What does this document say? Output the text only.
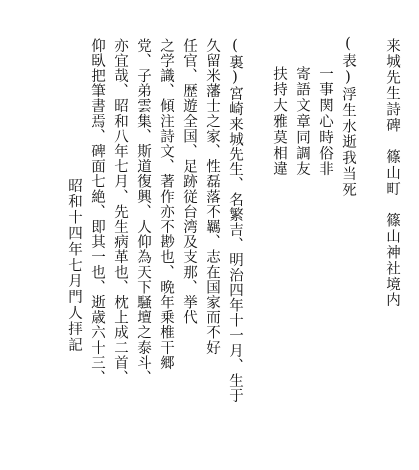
来城先生詩碑　篠山町　篠山神社境内
(表)浮生水逝我当死
一事関心時俗非
寄語文章同調友
扶持大雅莫相違
(裏)宮崎来城先生、名繁吉、明治四年十一月、生于
久留米藩士之家、性磊落不羈、志在国家而不好
任官、歴遊全国、足跡従台湾及支那、挙代
之学識、傾注詩文、著作亦不尠也、晩年乗椎干郷
党、子弟雲集、斯道復興、人仰為天下騒壇之泰斗、
亦宜哉、昭和八年七月、先生病革也、枕上成二首、
仰臥把筆書焉、碑面七絶、即其一也、逝歳六十三、
昭和十四年七月門人拝記
